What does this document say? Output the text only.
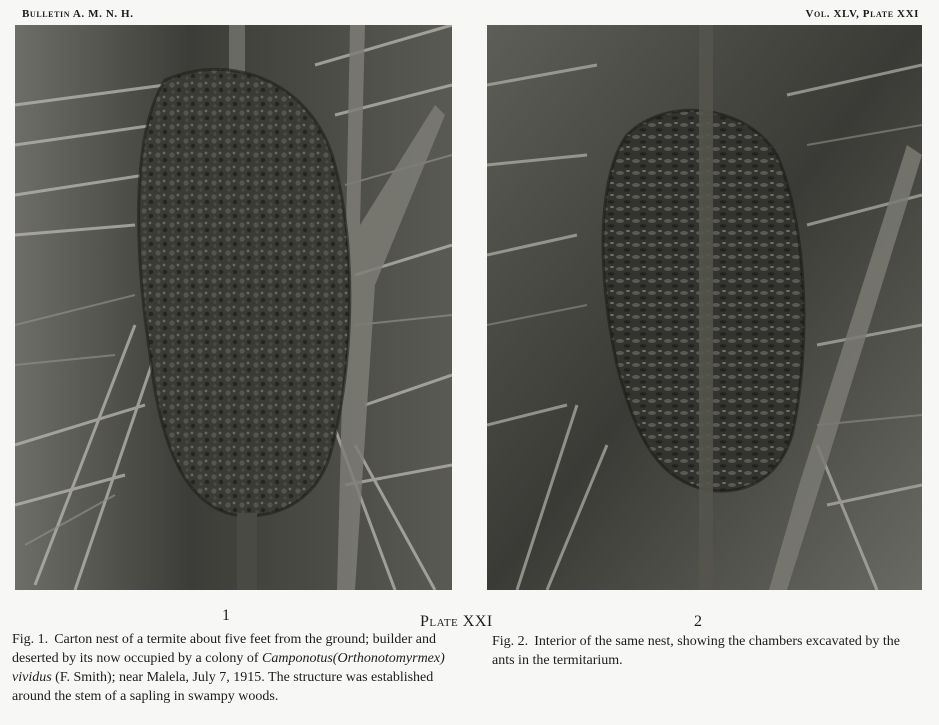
Bulletin A. M. N. H.	Vol. XLV, Plate XXI
1	Plate XXI	2

Fig. 1. Carton nest of a termite about five feet from the ground; builder and deserted by its now occupied by a colony of Camponotus(Orthonotomyrmex) vividus (F. Smith); near Malela, July 7, 1915. The structure was established around the stem of a sapling in swampy woods.

Fig. 2. Interior of the same nest, showing the chambers excavated by the ants in the termitarium.
